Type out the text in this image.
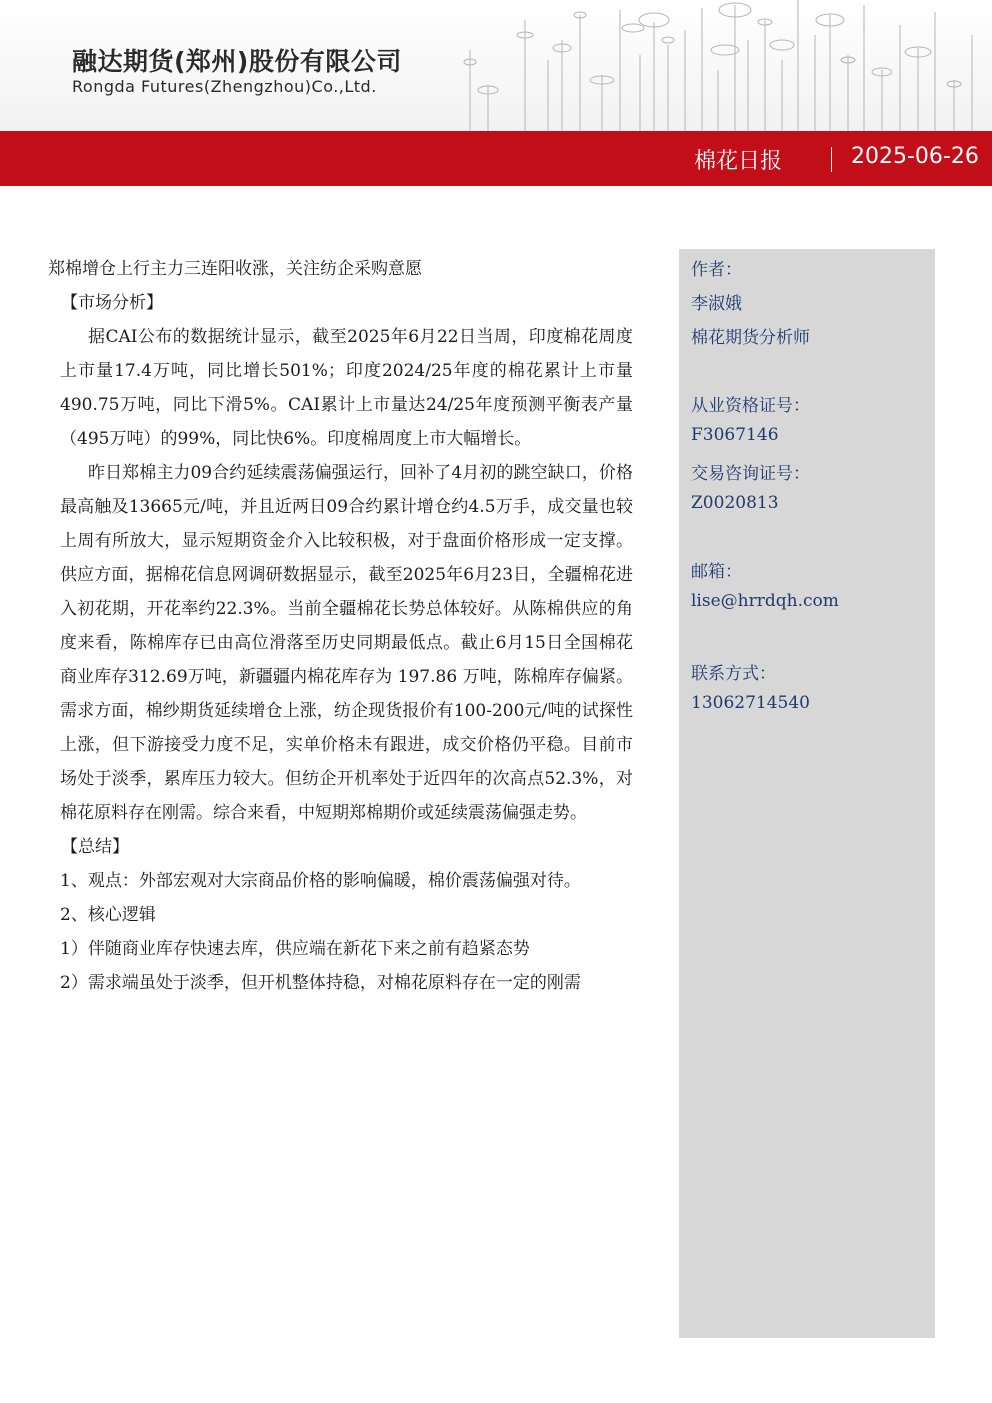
融达期货(郑州)股份有限公司
Rongda Futures(Zhengzhou)Co.,Ltd.
棉花日报	2025-06-26

郑棉增仓上行主力三连阳收涨，关注纺企采购意愿

【市场分析】

据CAI公布的数据统计显示，截至2025年6月22日当周，印度棉花周度上市量17.4万吨，同比增长501%；印度2024/25年度的棉花累计上市量490.75万吨，同比下滑5%。CAI累计上市量达24/25年度预测平衡表产量（495万吨）的99%，同比快6%。印度棉周度上市大幅增长。

昨日郑棉主力09合约延续震荡偏强运行，回补了4月初的跳空缺口，价格最高触及13665元/吨，并且近两日09合约累计增仓约4.5万手，成交量也较上周有所放大，显示短期资金介入比较积极，对于盘面价格形成一定支撑。供应方面，据棉花信息网调研数据显示，截至2025年6月23日，全疆棉花进入初花期，开花率约22.3%。当前全疆棉花长势总体较好。从陈棉供应的角度来看，陈棉库存已由高位滑落至历史同期最低点。截止6月15日全国棉花商业库存312.69万吨，新疆疆内棉花库存为 197.86 万吨，陈棉库存偏紧。需求方面，棉纱期货延续增仓上涨，纺企现货报价有100-200元/吨的试探性上涨，但下游接受力度不足，实单价格未有跟进，成交价格仍平稳。目前市场处于淡季，累库压力较大。但纺企开机率处于近四年的次高点52.3%，对棉花原料存在刚需。综合来看，中短期郑棉期价或延续震荡偏强走势。

【总结】

1、观点：外部宏观对大宗商品价格的影响偏暖，棉价震荡偏强对待。

2、核心逻辑

1）伴随商业库存快速去库，供应端在新花下来之前有趋紧态势

2）需求端虽处于淡季，但开机整体持稳，对棉花原料存在一定的刚需

作者：

李淑娥

棉花期货分析师

从业资格证号：

F3067146

交易咨询证号：

Z0020813

邮箱：

lise@hrrdqh.com

联系方式：

13062714540
